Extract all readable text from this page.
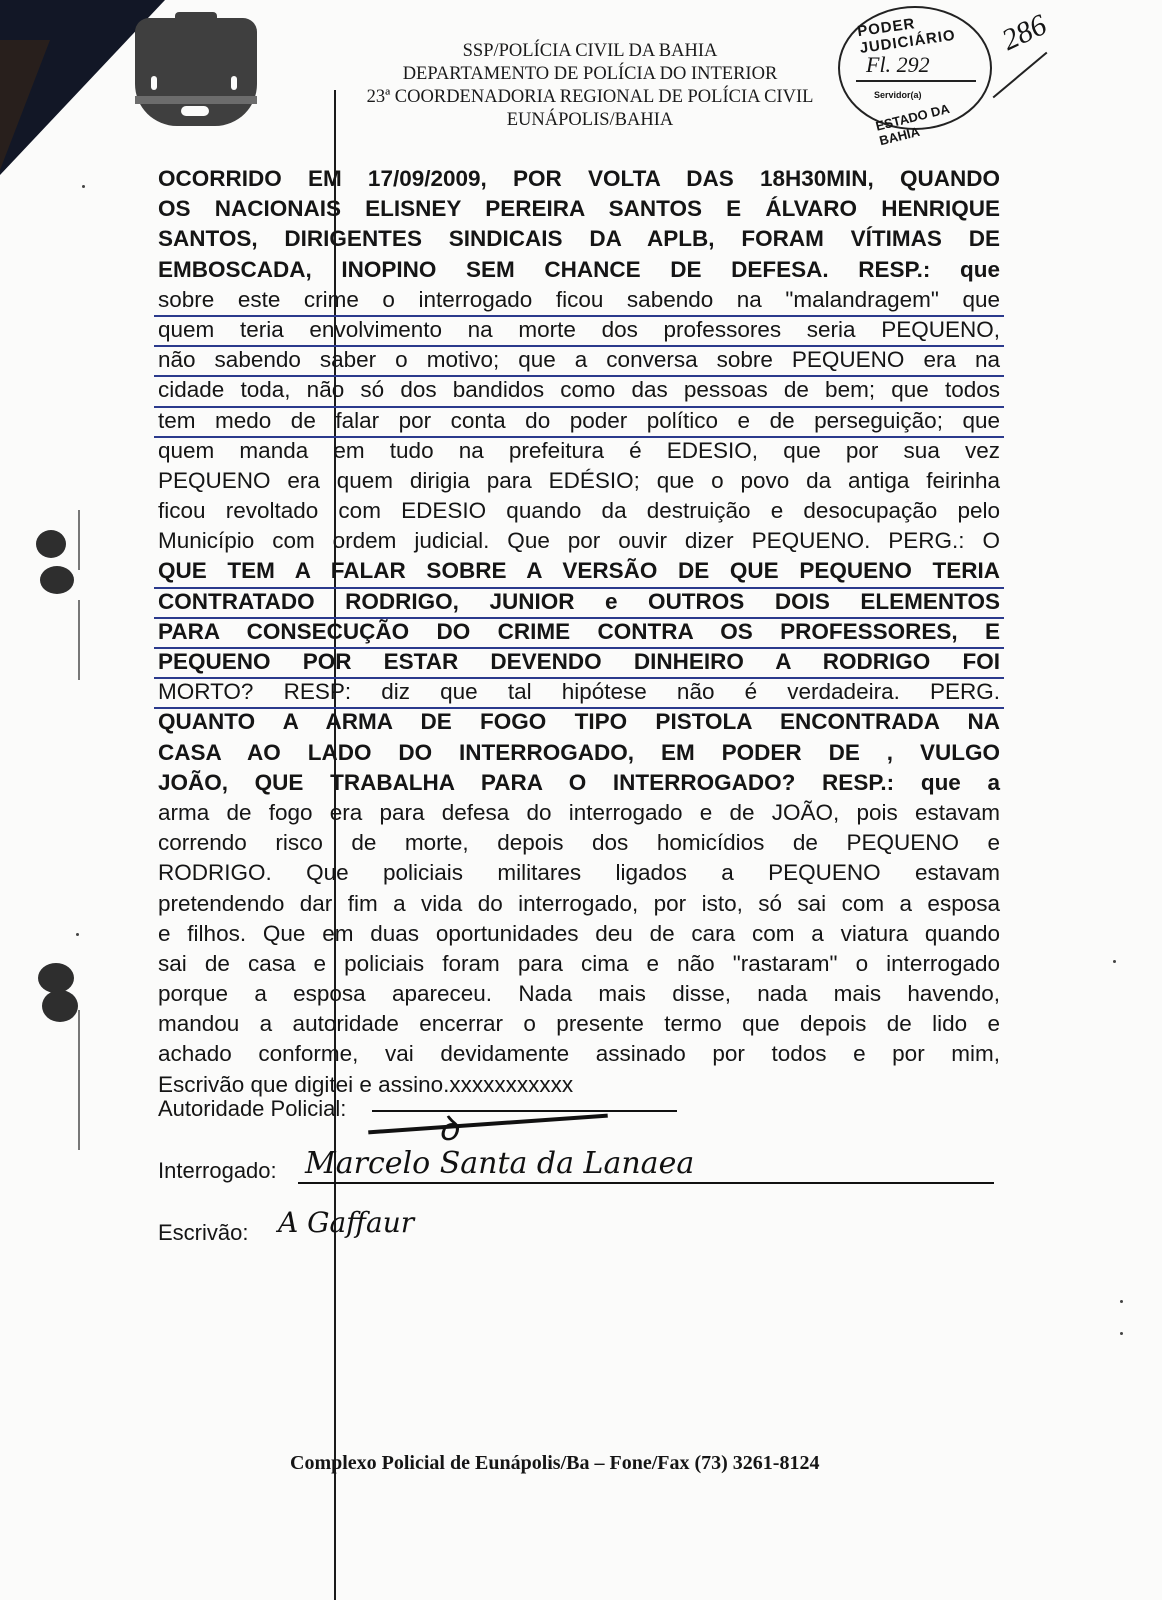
SSP/POLÍCIA CIVIL DA BAHIA
DEPARTAMENTO DE POLÍCIA DO INTERIOR
23ª COORDENADORIA REGIONAL DE POLÍCIA CIVIL
EUNÁPOLIS/BAHIA
PODER JUDICIÁRIO
Fl. 292
Servidor(a)
ESTADO DA BAHIA
286
OCORRIDO EM 17/09/2009, POR VOLTA DAS 18H30MIN, QUANDO
OS NACIONAIS ELISNEY PEREIRA SANTOS E ÁLVARO HENRIQUE
SANTOS, DIRIGENTES SINDICAIS DA APLB, FORAM VÍTIMAS DE
EMBOSCADA, INOPINO SEM CHANCE DE DEFESA. RESP.: que
sobre este crime o interrogado ficou sabendo na "malandragem" que
quem teria envolvimento na morte dos professores seria PEQUENO,
não sabendo saber o motivo; que a conversa sobre PEQUENO era na
cidade toda, não só dos bandidos como das pessoas de bem; que todos
tem medo de falar por conta do poder político e de perseguição; que
quem manda em tudo na prefeitura é EDESIO, que por sua vez
PEQUENO era quem dirigia para EDÉSIO; que o povo da antiga feirinha
ficou revoltado com EDESIO quando da destruição e desocupação pelo
Município com ordem judicial. Que por ouvir dizer PEQUENO. PERG.: O
QUE TEM A FALAR SOBRE A VERSÃO DE QUE PEQUENO TERIA
CONTRATADO RODRIGO, JUNIOR e OUTROS DOIS ELEMENTOS
PARA CONSECUÇÃO DO CRIME CONTRA OS PROFESSORES, E
PEQUENO POR ESTAR DEVENDO DINHEIRO A RODRIGO FOI
MORTO? RESP: diz que tal hipótese não é verdadeira. PERG.
QUANTO A ARMA DE FOGO TIPO PISTOLA ENCONTRADA NA
CASA AO LADO DO INTERROGADO, EM PODER DE , VULGO
JOÃO, QUE TRABALHA PARA O INTERROGADO? RESP.: que a
arma de fogo era para defesa do interrogado e de JOÃO, pois estavam
correndo risco de morte, depois dos homicídios de PEQUENO e
RODRIGO. Que policiais militares ligados a PEQUENO estavam
pretendendo dar fim a vida do interrogado, por isto, só sai com a esposa
e filhos. Que em duas oportunidades deu de cara com a viatura quando
sai de casa e policiais foram para cima e não "rastaram" o interrogado
porque a esposa apareceu. Nada mais disse, nada mais havendo,
mandou a autoridade encerrar o presente termo que depois de lido e
achado conforme, vai devidamente assinado por todos e por mim,
Escrivão que digitei e assino.xxxxxxxxxxx
Autoridade Policial:
ꝺ
Interrogado: Marcelo Santa da Lanaea
Escrivão: A Gaffaur
Complexo Policial de Eunápolis/Ba – Fone/Fax (73) 3261-8124
